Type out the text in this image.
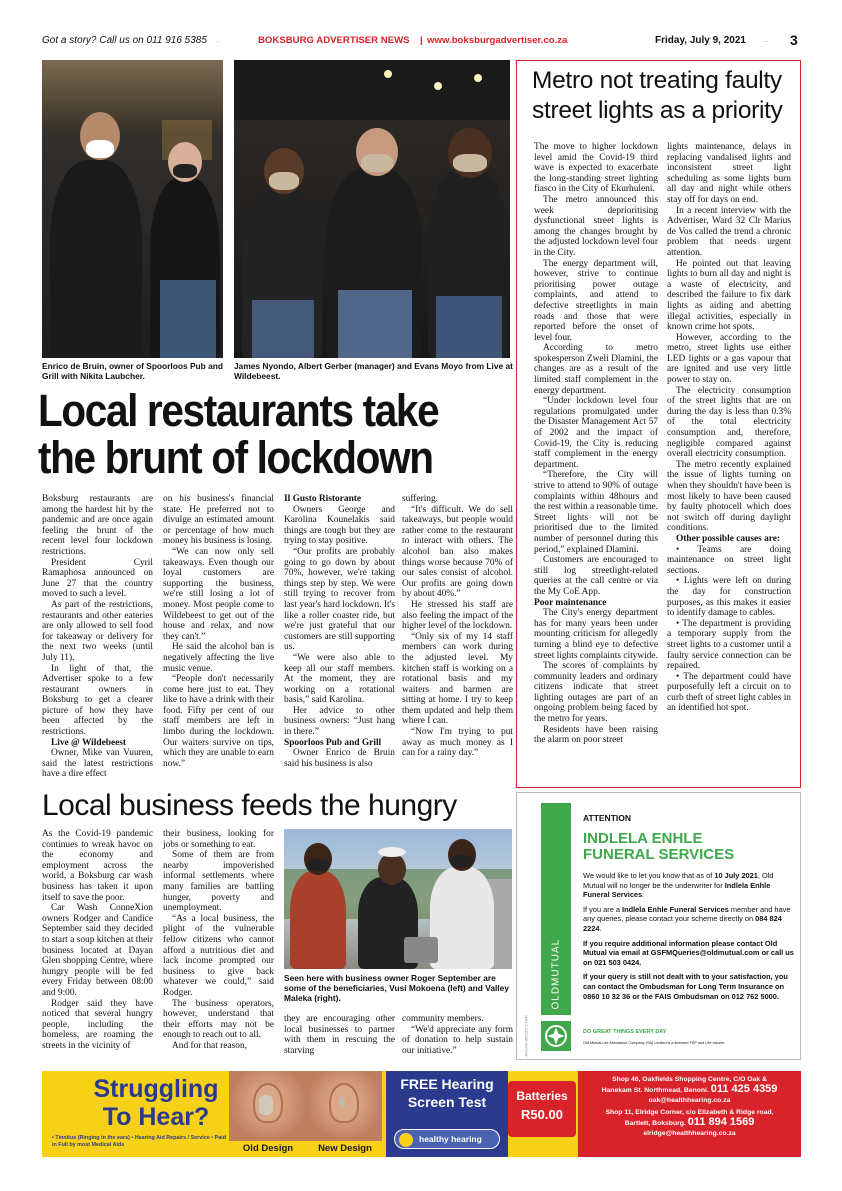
Got a story? Call us on 011 916 5385 ..	BOKSBURG ADVERTISER NEWS | www.boksburgadvertiser.co.za	Friday, July 9, 2021 .. 3
Enrico de Bruin, owner of Spoorloos Pub and Grill with Nikita Laubcher.
James Nyondo, Albert Gerber (manager) and Evans Moyo from Live at Wildebeest.
Local restaurants take
the brunt of lockdown

Boksburg restaurants are among the hardest hit by the pandemic and are once again feeling the brunt of the recent level four lockdown restrictions.

President Cyril Ramaphosa announced on June 27 that the country moved to such a level.

As part of the restrictions, restaurants and other eateries are only allowed to sell food for takeaway or delivery for the next two weeks (until July 11).

In light of that, the Advertiser spoke to a few restaurant owners in Boksburg to get a clearer picture of how they have been affected by the restrictions.

Live @ Wildebeest

Owner, Mike van Vuuren, said the latest restrictions have a dire effect

on his business's financial state. He preferred not to divulge an estimated amount or percentage of how much money his business is losing.

“We can now only sell takeaways. Even though our loyal customers are supporting the business, we're still losing a lot of money. Most people come to Wildebeest to get out of the house and relax, and now they can't.”

He said the alcohol ban is negatively affecting the live music venue.

“People don't necessarily come here just to eat. They like to have a drink with their food. Fifty per cent of our staff members are left in limbo during the lockdown. Our waiters survive on tips, which they are unable to earn now.”

Il Gusto Ristorante

Owners George and Karolina Kounelakis said things are tough but they are trying to stay positive.

“Our profits are probably going to go down by about 70%, however, we're taking things step by step. We were still trying to recover from last year's hard lockdown. It's like a roller coaster ride, but we're just grateful that our customers are still supporting us.

“We were also able to keep all our staff members. At the moment, they are working on a rotational basis,” said Karolina.

Her advice to other business owners: “Just hang in there.”

Spoorloos Pub and Grill

Owner Enrico de Bruin said his business is also

suffering.

“It's difficult. We do sell takeaways, but people would rather come to the restaurant to interact with others. The alcohol ban also makes things worse because 70% of our sales consist of alcohol. Our profits are going down by about 40%.”

He stressed his staff are also feeling the impact of the higher level of the lockdown.

“Only six of my 14 staff members can work during the adjusted level. My kitchen staff is working on a rotational basis and my waiters and barmen are sitting at home. I try to keep them updated and help them where I can.

“Now I'm trying to put away as much money as I can for a rainy day.”

Metro not treating faulty street lights as a priority

The move to higher lockdown level amid the Covid-19 third wave is expected to exacerbate the long-standing street lighting fiasco in the City of Ekurhuleni.

The metro announced this week deprioritising dysfunctional street lights is among the changes brought by the adjusted lockdown level four in the City.

The energy department will, however, strive to continue prioritising power outage complaints, and attend to defective streetlights in main roads and those that were reported before the onset of level four.

According to metro spokesperson Zweli Dlamini, the changes are as a result of the limited staff complement in the energy department.

“Under lockdown level four regulations promulgated under the Disaster Management Act 57 of 2002 and the impact of Covid-19, the City is reducing staff complement in the energy department.

“Therefore, the City will strive to attend to 90% of outage complaints within 48hours and the rest within a reasonable time. Street lights will not be prioritised due to the limited number of personnel during this period,” explained Dlamini.

Customers are encouraged to still log streetlight-related queries at the call centre or via the My CoE App.

Poor maintenance

The City's energy department has for many years been under mounting criticism for allegedly turning a blind eye to defective street lights complaints citywide.

The scores of complaints by community leaders and ordinary citizens indicate that street lighting outages are part of an ongoing problem being faced by the metro for years.

Residents have been raising the alarm on poor street

lights maintenance, delays in replacing vandalised lights and inconsistent street light scheduling as some lights burn all day and night while others stay off for days on end.

In a recent interview with the Advertiser, Ward 32 Clr Marius de Vos called the trend a chronic problem that needs urgent attention.

He pointed out that leaving lights to burn all day and night is a waste of electricity, and described the failure to fix dark lights as aiding and abetting illegal activities, especially in known crime hot spots.

However, according to the metro, street lights use either LED lights or a gas vapour that are ignited and use very little power to stay on.

The electricity consumption of the street lights that are on during the day is less than 0.3% of the total electricity consumption and, therefore, negligible compared against overall electricity consumption.

The metro recently explained the issue of lights turning on when they shouldn't have been is most likely to have been caused by faulty photocell which does not switch off during daylight conditions.

Other possible causes are:

• Teams are doing maintenance on street light sections.

• Lights were left on during the day for construction purposes, as this makes it easier to identify damage to cables.

• The department is providing a temporary supply from the street lights to a customer until a faulty service connection can be repaired.

• The department could have purposefully left a circuit on to curb theft of street light cables in an identified hot spot.

Local business feeds the hungry

As the Covid-19 pandemic continues to wreak havoc on the economy and employment across the world, a Boksburg car wash business has taken it upon itself to save the poor.

Car Wash ConneXion owners Rodger and Candice September said they decided to start a soup kitchen at their business located at Dayan Glen shopping Centre, where hungry people will be fed every Friday between 08:00 and 9:00.

Rodger said they have noticed that several hungry people, including the homeless, are roaming the streets in the vicinity of

their business, looking for jobs or something to eat.

Some of them are from nearby impoverished informal settlements where many families are battling hunger, poverty and unemployment.

“As a local business, the plight of the vulnerable fellow citizens who cannot afford a nutritious diet and lack income prompted our business to give back whatever we could,” said Rodger.

The business operators, however, understand that their efforts may not be enough to reach out to all.

And for that reason,

Seen here with business owner Roger September are some of the beneficiaries, Vusi Mokoena (left) and Valley Maleka (right).

they are encouraging other local businesses to partner with them in rescuing the starving

community members.

“We'd appreciate any form of donation to help sustain our initiative.”	ANNNN 862352 CTMR
OLDMUTUAL
ATTENTION
INDLELA ENHLE
FUNERAL SERVICES

We would like to let you know that as of 10 July 2021, Old Mutual will no longer be the underwriter for Indlela Enhle Funeral Services.

If you are a Indlela Enhle Funeral Services member and have any queries, please contact your scheme directly on 084 824 2224.

If you require additional information please contact Old Mutual via email at GSFMQueries@oldmutual.com or call us on 021 503 0424.

If your query is still not dealt with to your satisfaction, you can contact the Ombudsman for Long Term Insurance on 0860 10 32 36 or the FAIS Ombudsman on 012 762 5000.

DO GREAT THINGS EVERY DAY
Old Mutual Life Assurance Company (SA) Limited is a licensed FSP and Life Insurer.
Struggling
To Hear?
• Tinnitus (Ringing in the ears) • Hearing Aid Repairs / Service • Paid in Full by most Medical Aids	Old Design	New Design
FREE Hearing
Screen Test
healthy hearing
Batteries
R50.00
Shop 46, Oakfields Shopping Centre, C/O Oak &
Hanekam St. Northmead, Benoni. 011 425 4359
oak@healthhearing.co.za
Shop 11, Elridge Corner, c/o Elizabeth & Ridge road,
Bartlett, Boksburg. 011 894 1569
elridge@healthhearing.co.za
